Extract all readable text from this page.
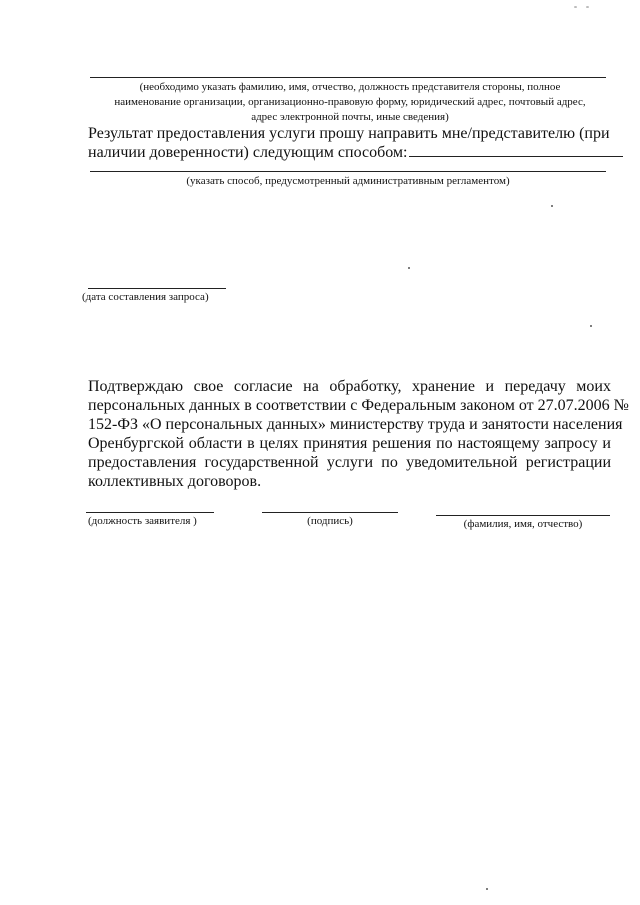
(необходимо указать фамилию, имя, отчество, должность представителя стороны, полное
наименование организации, организационно-правовую форму, юридический адрес, почтовый адрес,
адрес электронной почты, иные сведения)
Результат предоставления услуги прошу направить мне/представителю (при
наличии доверенности) следующим способом:
(указать способ, предусмотренный административным регламентом)
(дата составления запроса)
Подтверждаю свое согласие на обработку, хранение и передачу моих
персональных данных в соответствии с Федеральным законом от 27.07.2006 №
152-ФЗ «О персональных данных» министерству труда и занятости населения
Оренбургской области в целях принятия решения по настоящему запросу и
предоставления государственной услуги по уведомительной регистрации
коллективных договоров.
(должность заявителя )	(подпись)	(фамилия, имя, отчество)
